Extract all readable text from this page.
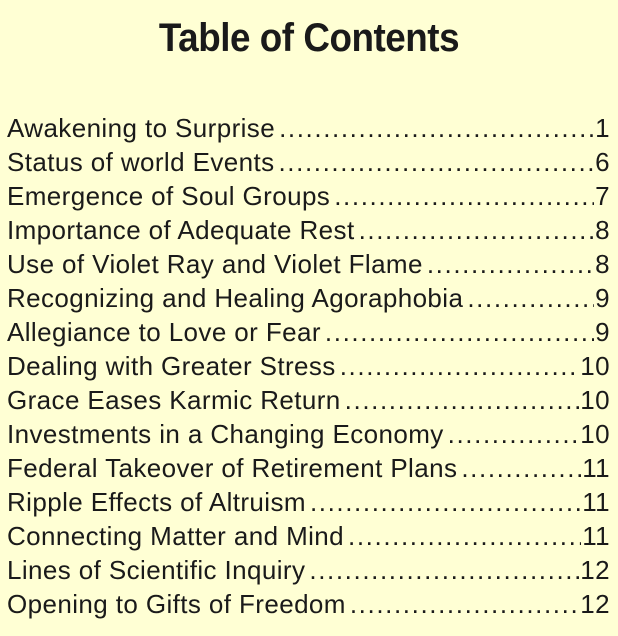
Table of Contents
Awakening to Surprise .....	1
Status of world Events .....	6
Emergence of Soul Groups .....	7
Importance of Adequate Rest .....	8
Use of Violet Ray and Violet Flame .....	8
Recognizing and Healing Agoraphobia .....	9
Allegiance to Love or Fear .....	9
Dealing with Greater Stress .....	10
Grace Eases Karmic Return .....	10
Investments in a Changing Economy .....	10
Federal Takeover of Retirement Plans .....	11
Ripple Effects of Altruism .....	11
Connecting Matter and Mind .....	11
Lines of Scientific Inquiry .....	12
Opening to Gifts of Freedom .....	12
